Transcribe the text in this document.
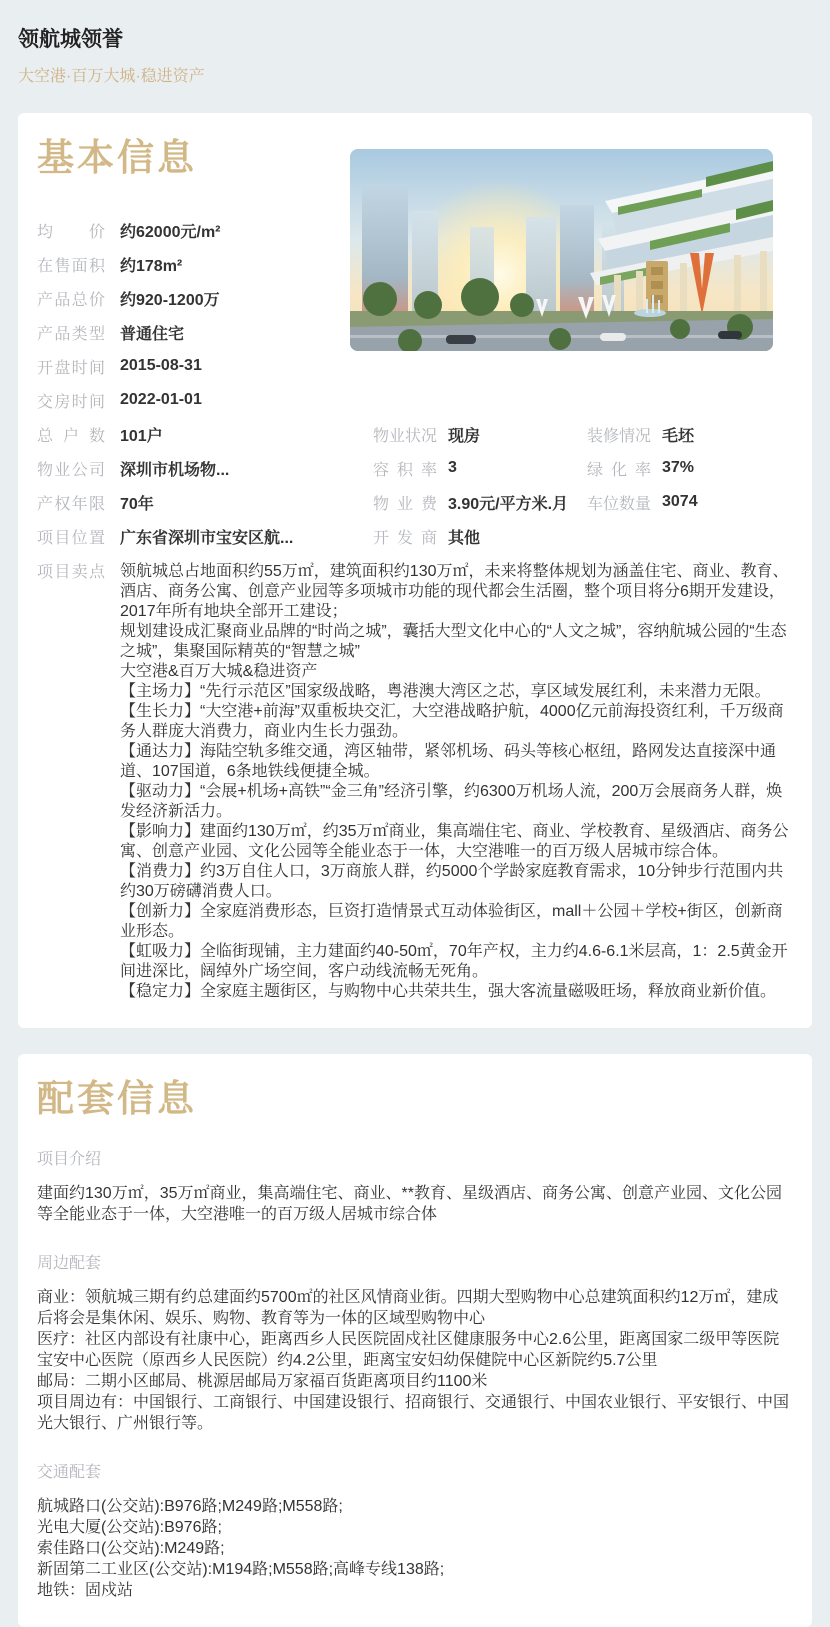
领航城领誉
大空港·百万大城·稳进资产
基本信息
均价 约62000元/m²
在售面积 约178m²
产品总价 约920-1200万
产品类型 普通住宅
开盘时间 2015-08-31
交房时间 2022-01-01
总户数 101户	物业状况 现房	装修情况 毛坯
物业公司 深圳市机场物...	容积率 3	绿化率 37%
产权年限 70年	物业费 3.90元/平方米.月 车位数量 3074
项目位置 广东省深圳市宝安区航...	开发商 其他
项目卖点 领航城总占地面积约55万㎡，建筑面积约130万㎡，未来将整体规划为涵盖住宅、商业、教育、酒店、商务公寓、创意产业园等多项城市功能的现代都会生活圈，整个项目将分6期开发建设，2017年所有地块全部开工建设；

规划建设成汇聚商业品牌的“时尚之城”，囊括大型文化中心的“人文之城”，容纳航城公园的“生态之城”，集聚国际精英的“智慧之城”

大空港&百万大城&稳进资产

【主场力】“先行示范区”国家级战略，粤港澳大湾区之芯，享区域发展红利，未来潜力无限。

【生长力】“大空港+前海”双重板块交汇，大空港战略护航，4000亿元前海投资红利，千万级商务人群庞大消费力，商业内生长力强劲。

【通达力】海陆空轨多维交通，湾区轴带，紧邻机场、码头等核心枢纽，路网发达直接深中通道、107国道，6条地铁线便捷全城。

【驱动力】“会展+机场+高铁”“金三角”经济引擎，约6300万机场人流，200万会展商务人群，焕发经济新活力。

【影响力】建面约130万㎡，约35万㎡商业，集高端住宅、商业、学校教育、星级酒店、商务公寓、创意产业园、文化公园等全能业态于一体，大空港唯一的百万级人居城市综合体。

【消费力】约3万自住人口，3万商旅人群，约5000个学龄家庭教育需求，10分钟步行范围内共约30万磅礴消费人口。

【创新力】全家庭消费形态，巨资打造情景式互动体验街区，mall＋公园＋学校+街区，创新商业形态。

【虹吸力】全临街现铺，主力建面约40-50㎡，70年产权，主力约4.6-6.1米层高，1：2.5黄金开间进深比，阔绰外广场空间，客户动线流畅无死角。

【稳定力】全家庭主题街区，与购物中心共荣共生，强大客流量磁吸旺场，释放商业新价值。

配套信息
项目介绍

建面约130万㎡，35万㎡商业，集高端住宅、商业、**教育、星级酒店、商务公寓、创意产业园、文化公园等全能业态于一体，大空港唯一的百万级人居城市综合体

周边配套

商业：领航城三期有约总建面约5700㎡的社区风情商业街。四期大型购物中心总建筑面积约12万㎡，建成后将会是集休闲、娱乐、购物、教育等为一体的区域型购物中心

医疗：社区内部设有社康中心，距离西乡人民医院固戍社区健康服务中心2.6公里，距离国家二级甲等医院宝安中心医院（原西乡人民医院）约4.2公里，距离宝安妇幼保健院中心区新院约5.7公里

邮局：二期小区邮局、桃源居邮局万家福百货距离项目约1100米

项目周边有：中国银行、工商银行、中国建设银行、招商银行、交通银行、中国农业银行、平安银行、中国光大银行、广州银行等。

交通配套

航城路口(公交站):B976路;M249路;M558路;

光电大厦(公交站):B976路;

索佳路口(公交站):M249路;

新固第二工业区(公交站):M194路;M558路;高峰专线138路;

地铁：固戍站
